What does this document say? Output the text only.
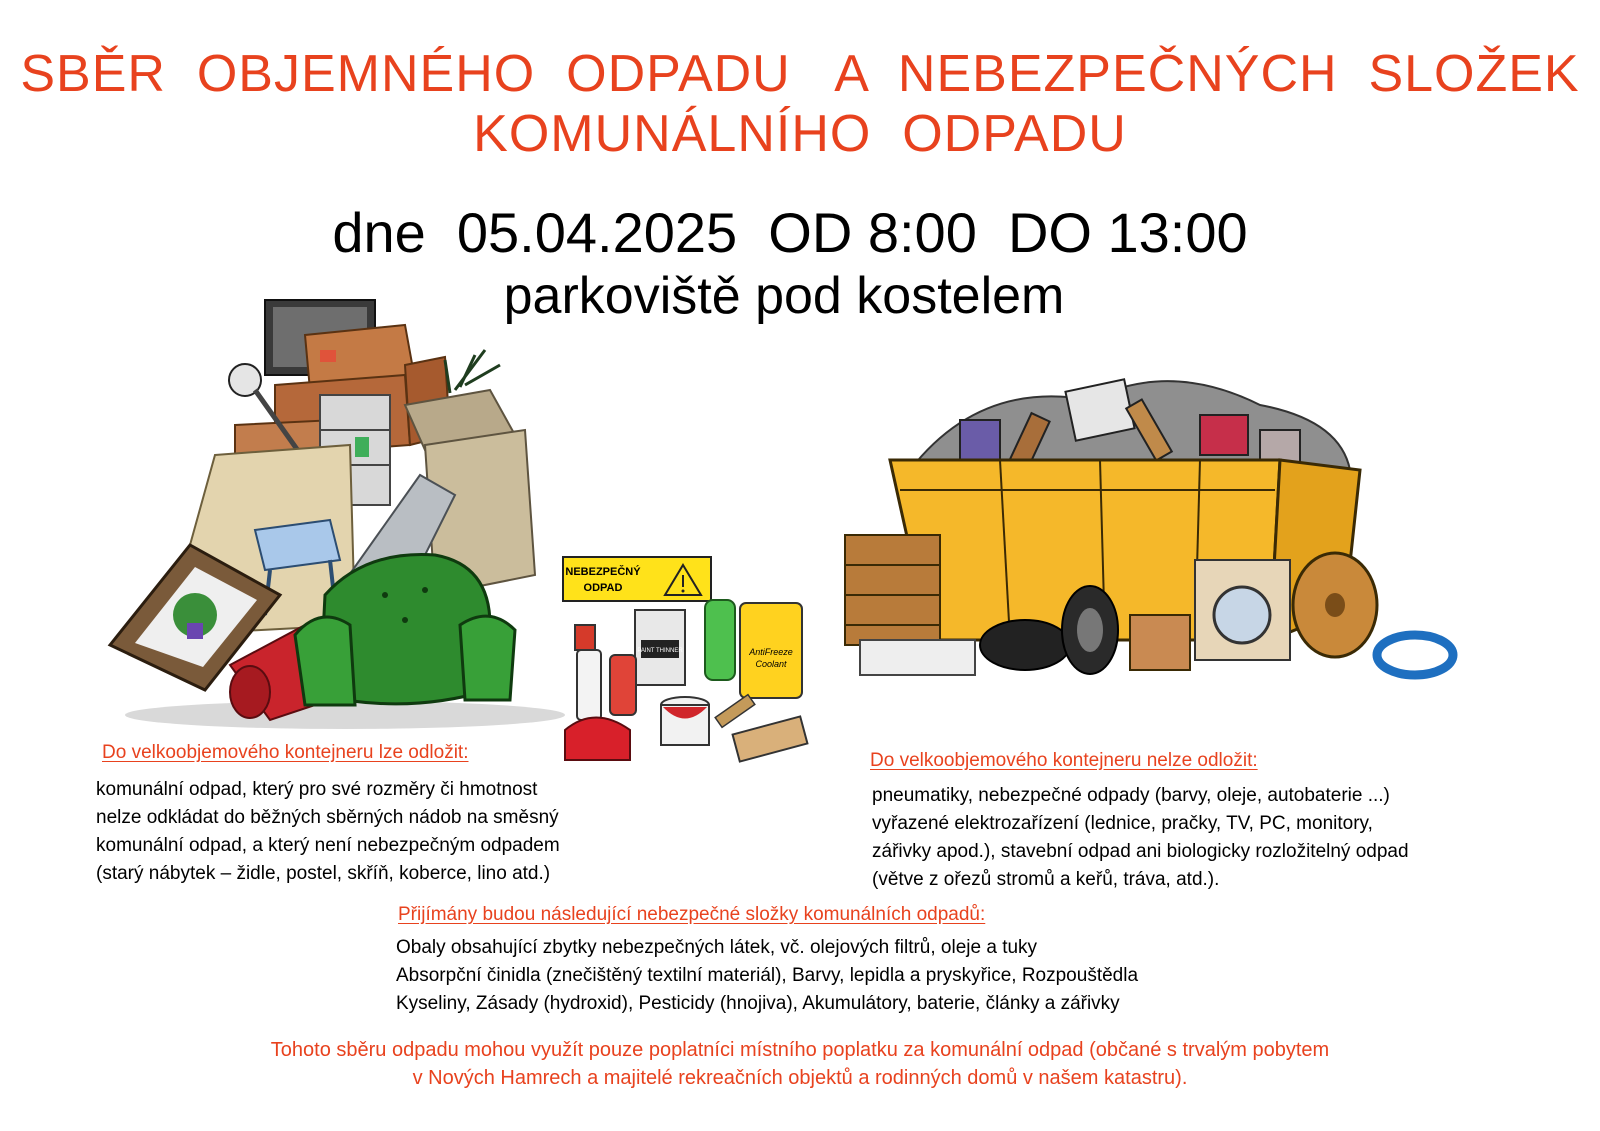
SBĚR  OBJEMNÉHO  ODPADU   A  NEBEZPEČNÝCH  SLOŽEK
KOMUNÁLNÍHO  ODPADU
dne  05.04.2025  OD 8:00  DO 13:00
parkoviště pod kostelem
NEBEZPEČNÝ
ODPAD
PAINT THINNER	AntiFreeze
Coolant
Do velkoobjemového kontejneru lze odložit:

komunální odpad, který pro své rozměry či hmotnost

nelze odkládat do běžných sběrných nádob na směsný

komunální odpad, a který není nebezpečným odpadem

(starý nábytek – židle, postel, skříň, koberce, lino atd.)

Do velkoobjemového kontejneru nelze odložit:

pneumatiky, nebezpečné odpady (barvy, oleje, autobaterie ...)

vyřazené elektrozařízení (lednice, pračky, TV, PC, monitory,

zářivky apod.), stavební odpad ani biologicky rozložitelný odpad

(větve z ořezů stromů a keřů, tráva, atd.).

Přijímány budou následující nebezpečné složky komunálních odpadů:

Obaly obsahující zbytky nebezpečných látek, vč. olejových filtrů, oleje a tuky

Absorpční činidla (znečištěný textilní materiál), Barvy, lepidla a pryskyřice, Rozpouštědla

Kyseliny, Zásady (hydroxid), Pesticidy (hnojiva), Akumulátory, baterie, články a zářivky

Tohoto sběru odpadu mohou využít pouze poplatníci místního poplatku za komunální odpad (občané s trvalým pobytem

v Nových Hamrech a majitelé rekreačních objektů a rodinných domů v našem katastru).
